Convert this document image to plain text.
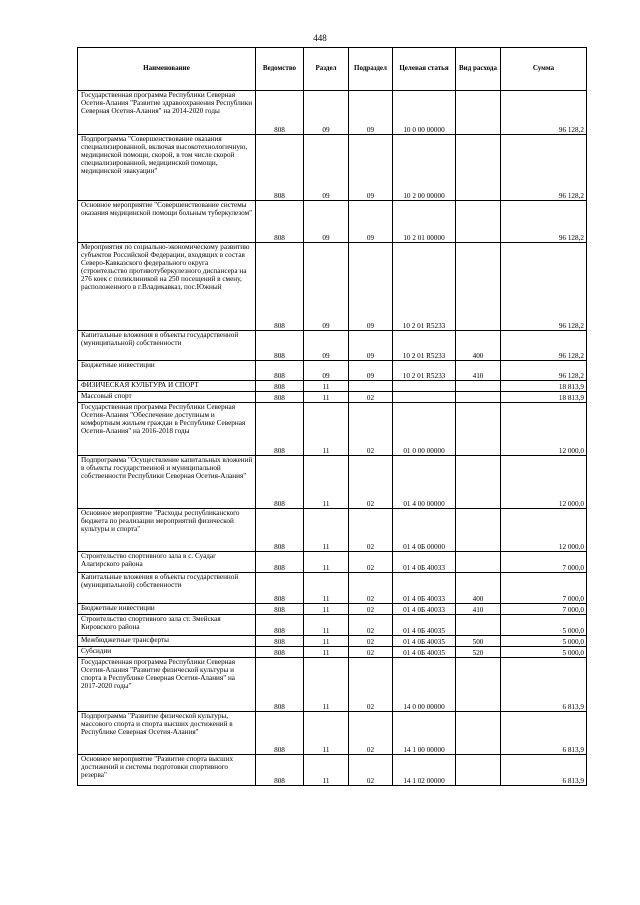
448
Наименование	Ведомство	Раздел	Подраздел	Целевая статья	Вид расхода	Сумма
Государственная программа Республики Северная Осетия-Алания "Развитие здравоохранения Республики Северная Осетия-Алания" на 2014-2020 годы	808	09	09	10 0 00 00000		96 128,2
Подпрограмма "Совершенствование оказания специализированной, включая высокотехнологичную, медицинской помощи, скорой, в том числе скорой специализированной, медицинской помощи, медицинской эвакуации"	808	09	09	10 2 00 00000		96 128,2
Основное мероприятие "Совершенствование системы оказания медицинской помощи больным туберкулезом"	808	09	09	10 2 01 00000		96 128,2
Мероприятия по социально-экономическому развитию субъектов Российской Федерации, входящих в состав Северо-Кавказского федерального округа (строительство противотуберкулезного диспансера на 276 коек с поликлиникой на 250 посещений в смену, расположенного в г.Владикавказ, пос.Южный	808	09	09	10 2 01 R5233		96 128,2
Капитальные вложения в объекты государственной (муниципальной) собственности	808	09	09	10 2 01 R5233	400	96 128,2
Бюджетные инвестиции	808	09	09	10 2 01 R5233	410	96 128,2
ФИЗИЧЕСКАЯ КУЛЬТУРА И СПОРТ	808	11				18 813,9
Массовый спорт	808	11	02			18 813,9
Государственная программа Республики Северная Осетия-Алания "Обеспечение доступным и комфортным жильем граждан в Республике Северная Осетия-Алания" на 2016-2018 годы	808	11	02	01 0 00 00000		12 000,0
Подпрограмма "Осуществление капитальных вложений в объекты государственной и муниципальной собственности Республики Северная Осетия-Алания"	808	11	02	01 4 00 00000		12 000,0
Основное мероприятие "Расходы республиканского бюджета по реализации мероприятий физической культуры и спорта"	808	11	02	01 4 0Б 00000		12 000,0
Строительство спортивного зала в с. Суадаг Алагирского района	808	11	02	01 4 0Б 40033		7 000,0
Капитальные вложения в объекты государственной (муниципальной) собственности	808	11	02	01 4 0Б 40033	400	7 000,0
Бюджетные инвестиции	808	11	02	01 4 0Б 40033	410	7 000,0
Строительство спортивного зала ст. Змейская Кировского района	808	11	02	01 4 0Б 40035		5 000,0
Межбюджетные трансферты	808	11	02	01 4 0Б 40035	500	5 000,0
Субсидии	808	11	02	01 4 0Б 40035	520	5 000,0
Государственная программа Республики Северная Осетия-Алания "Развитие физической культуры и спорта в Республике Северная Осетия-Алания" на 2017-2020 годы"	808	11	02	14 0 00 00000		6 813,9
Подпрограмма "Развитие физической культуры, массового спорта и спорта высших достижений в Республике Северная Осетия-Алания"	808	11	02	14 1 00 00000		6 813,9
Основное мероприятие "Развитие спорта высших достижений и системы подготовки спортивного резерва"	808	11	02	14 1 02 00000		6 813,9
